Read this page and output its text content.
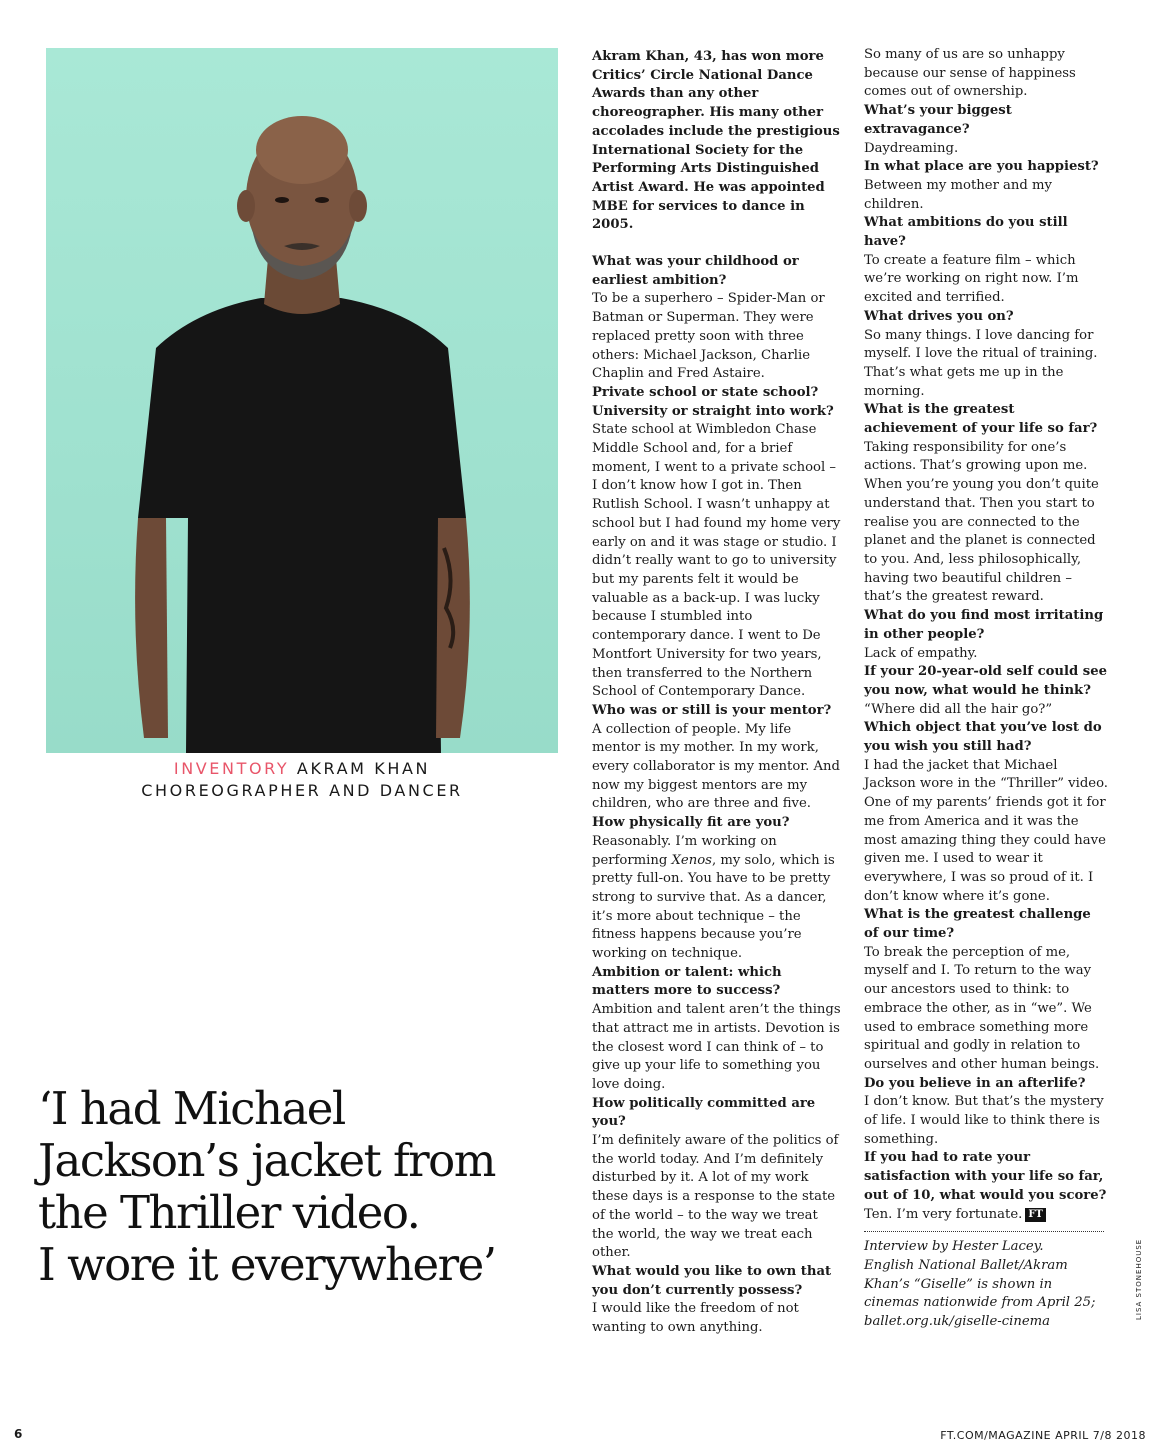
INVENTORY AKRAM KHAN
CHOREOGRAPHER AND DANCER
‘I had Michael
Jackson’s jacket from
the Thriller video.
I wore it everywhere’

Akram Khan, 43, has won more Critics’ Circle National Dance Awards than any other choreographer. His many other accolades include the prestigious International Society for the Performing Arts Distinguished Artist Award. He was appointed MBE for services to dance in 2005.

What was your childhood or earliest ambition?

To be a superhero – Spider-Man or Batman or Superman. They were replaced pretty soon with three others: Michael Jackson, Charlie Chaplin and Fred Astaire.

Private school or state school? University or straight into work?

State school at Wimbledon Chase Middle School and, for a brief moment, I went to a private school – I don’t know how I got in. Then Rutlish School. I wasn’t unhappy at school but I had found my home very early on and it was stage or studio. I didn’t really want to go to university but my parents felt it would be valuable as a back-up. I was lucky because I stumbled into contemporary dance. I went to De Montfort University for two years, then transferred to the Northern School of Contemporary Dance.

Who was or still is your mentor?

A collection of people. My life mentor is my mother. In my work, every collaborator is my mentor. And now my biggest mentors are my children, who are three and five.

How physically fit are you?

Reasonably. I’m working on performing Xenos, my solo, which is pretty full-on. You have to be pretty strong to survive that. As a dancer, it’s more about technique – the fitness happens because you’re working on technique.

Ambition or talent: which matters more to success?

Ambition and talent aren’t the things that attract me in artists. Devotion is the closest word I can think of – to give up your life to something you love doing.

How politically committed are you?

I’m definitely aware of the politics of the world today. And I’m definitely disturbed by it. A lot of my work these days is a response to the state of the world – to the way we treat the world, the way we treat each other.

What would you like to own that you don’t currently possess?

I would like the freedom of not wanting to own anything.

So many of us are so unhappy because our sense of happiness comes out of ownership.

What’s your biggest extravagance?

Daydreaming.

In what place are you happiest?

Between my mother and my children.

What ambitions do you still have?

To create a feature film – which we’re working on right now. I’m excited and terrified.

What drives you on?

So many things. I love dancing for myself. I love the ritual of training. That’s what gets me up in the morning.

What is the greatest achievement of your life so far?

Taking responsibility for one’s actions. That’s growing upon me. When you’re young you don’t quite understand that. Then you start to realise you are connected to the planet and the planet is connected to you. And, less philosophically, having two beautiful children – that’s the greatest reward.

What do you find most irritating in other people?

Lack of empathy.

If your 20-year-old self could see you now, what would he think?

“Where did all the hair go?”

Which object that you’ve lost do you wish you still had?

I had the jacket that Michael Jackson wore in the “Thriller” video. One of my parents’ friends got it for me from America and it was the most amazing thing they could have given me. I used to wear it everywhere, I was so proud of it. I don’t know where it’s gone.

What is the greatest challenge of our time?

To break the perception of me, myself and I. To return to the way our ancestors used to think: to embrace the other, as in “we”. We used to embrace something more spiritual and godly in relation to ourselves and other human beings.

Do you believe in an afterlife?

I don’t know. But that’s the mystery of life. I would like to think there is something.

If you had to rate your satisfaction with your life so far, out of 10, what would you score?

Ten. I’m very fortunate. FT

Interview by Hester Lacey.

English National Ballet/Akram Khan’s “Giselle” is shown in cinemas nationwide from April 25; ballet.org.uk/giselle-cinema

LISA STONEHOUSE
6	FT.COM/MAGAZINE APRIL 7/8 2018
